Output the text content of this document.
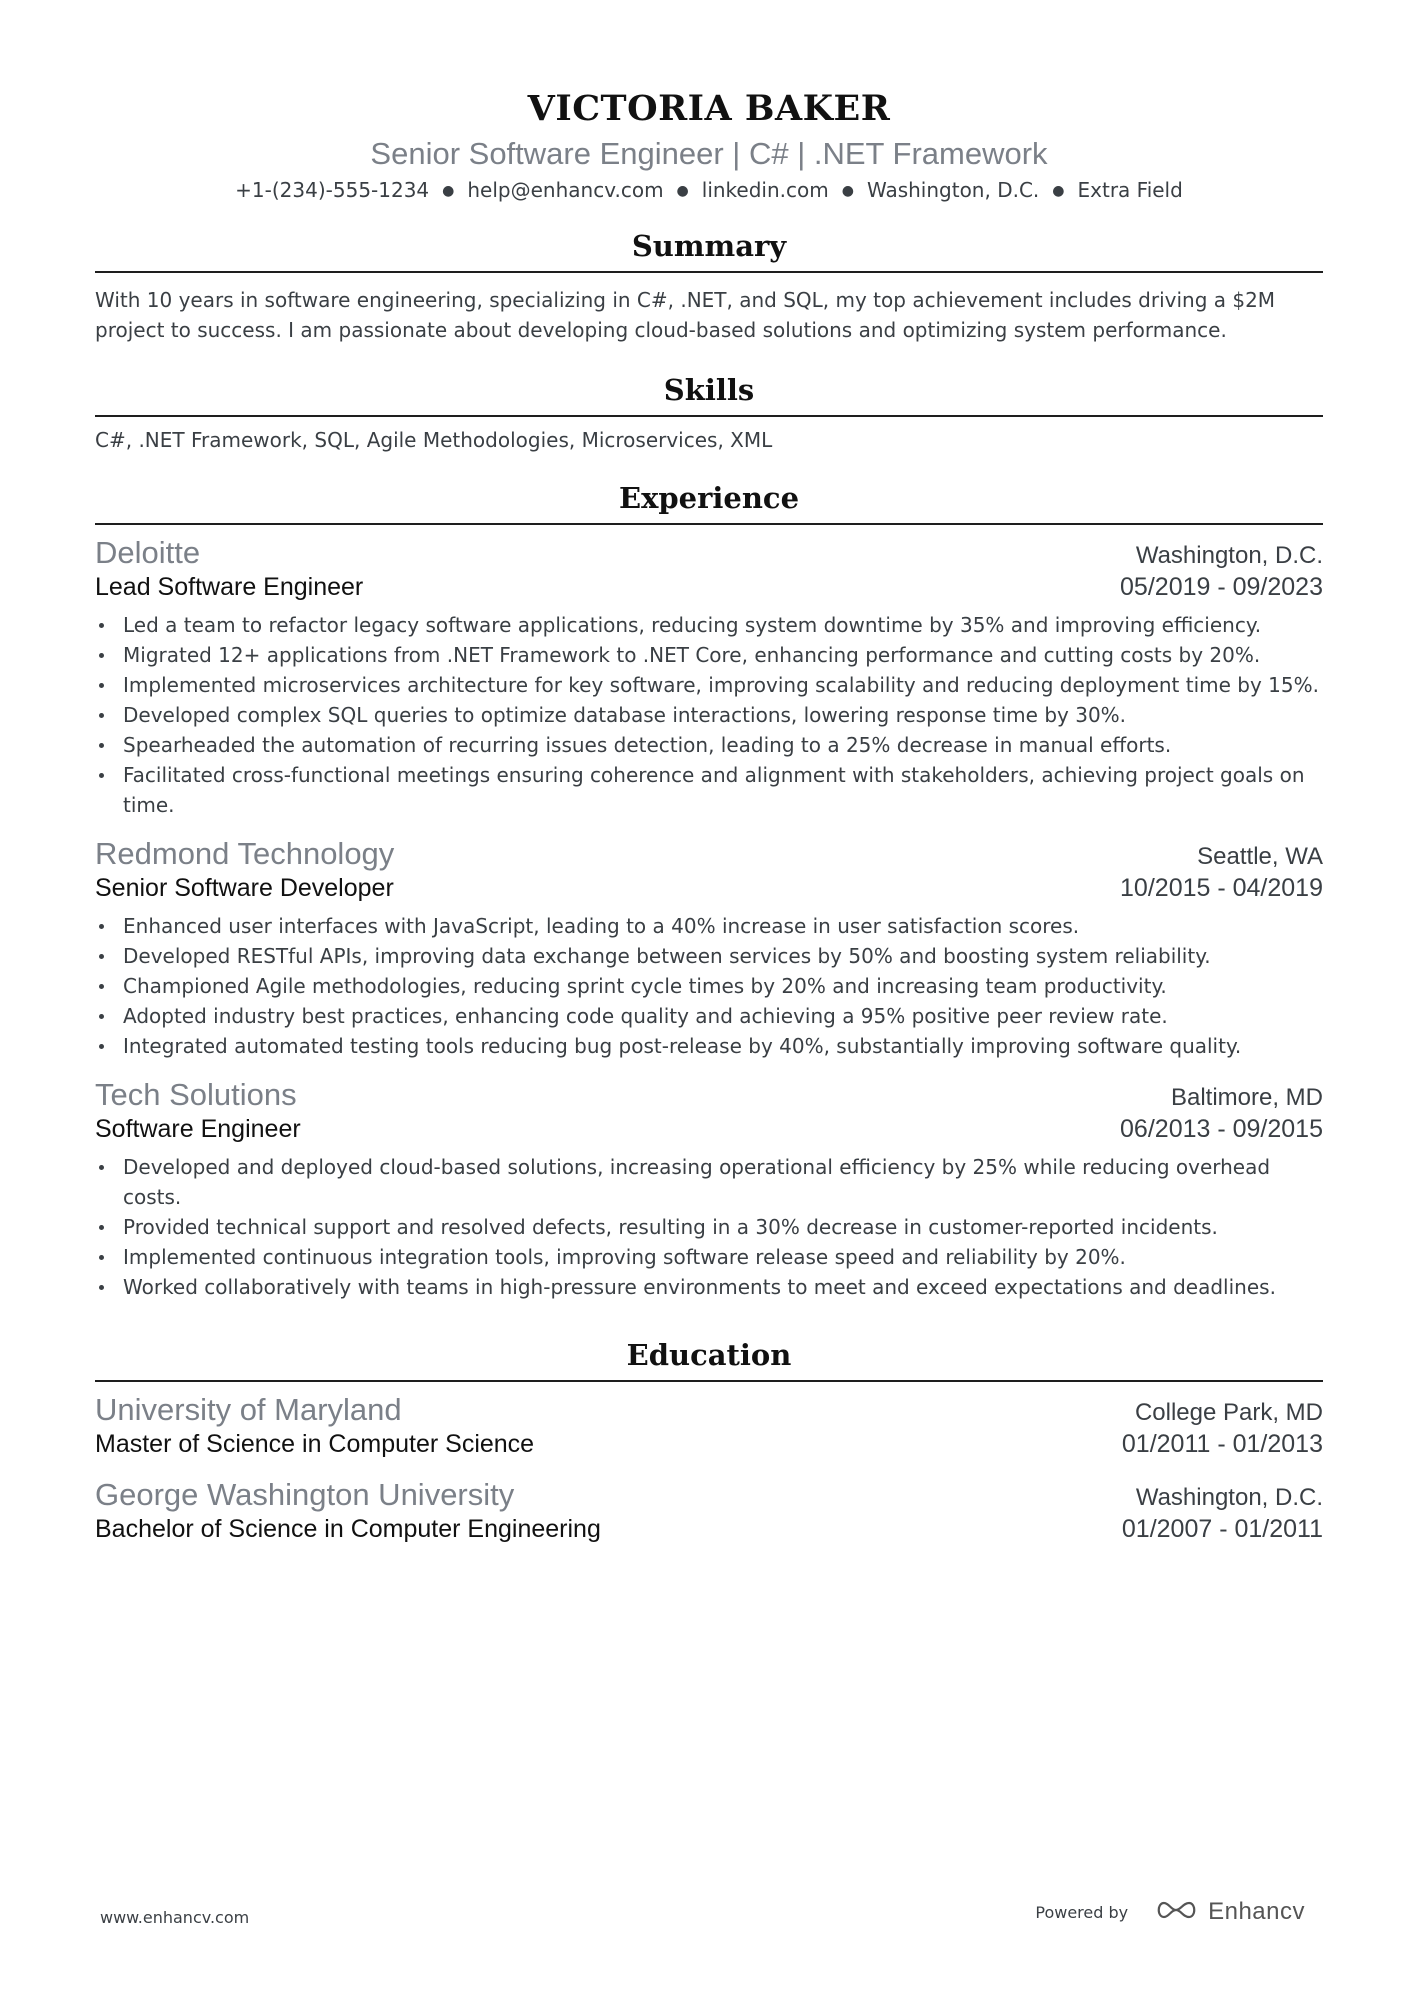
VICTORIA BAKER
Senior Software Engineer | C# | .NET Framework
+1-(234)-555-1234 ● help@enhancv.com ● linkedin.com ● Washington, D.C. ● Extra Field
Summary
With 10 years in software engineering, specializing in C#, .NET, and SQL, my top achievement includes driving a $2M project to success. I am passionate about developing cloud-based solutions and optimizing system performance.
Skills
C#, .NET Framework, SQL, Agile Methodologies, Microservices, XML
Experience
Deloitte	Washington, D.C.
Lead Software Engineer	05/2019 - 09/2023
Led a team to refactor legacy software applications, reducing system downtime by 35% and improving efficiency.
Migrated 12+ applications from .NET Framework to .NET Core, enhancing performance and cutting costs by 20%.
Implemented microservices architecture for key software, improving scalability and reducing deployment time by 15%.
Developed complex SQL queries to optimize database interactions, lowering response time by 30%.
Spearheaded the automation of recurring issues detection, leading to a 25% decrease in manual efforts.
Facilitated cross-functional meetings ensuring coherence and alignment with stakeholders, achieving project goals on time.
Redmond Technology	Seattle, WA
Senior Software Developer	10/2015 - 04/2019
Enhanced user interfaces with JavaScript, leading to a 40% increase in user satisfaction scores.
Developed RESTful APIs, improving data exchange between services by 50% and boosting system reliability.
Championed Agile methodologies, reducing sprint cycle times by 20% and increasing team productivity.
Adopted industry best practices, enhancing code quality and achieving a 95% positive peer review rate.
Integrated automated testing tools reducing bug post-release by 40%, substantially improving software quality.
Tech Solutions	Baltimore, MD
Software Engineer	06/2013 - 09/2015
Developed and deployed cloud-based solutions, increasing operational efficiency by 25% while reducing overhead costs.
Provided technical support and resolved defects, resulting in a 30% decrease in customer-reported incidents.
Implemented continuous integration tools, improving software release speed and reliability by 20%.
Worked collaboratively with teams in high-pressure environments to meet and exceed expectations and deadlines.
Education
University of Maryland	College Park, MD
Master of Science in Computer Science	01/2011 - 01/2013
George Washington University	Washington, D.C.
Bachelor of Science in Computer Engineering	01/2007 - 01/2011
www.enhancv.com	Powered by	Enhancv
